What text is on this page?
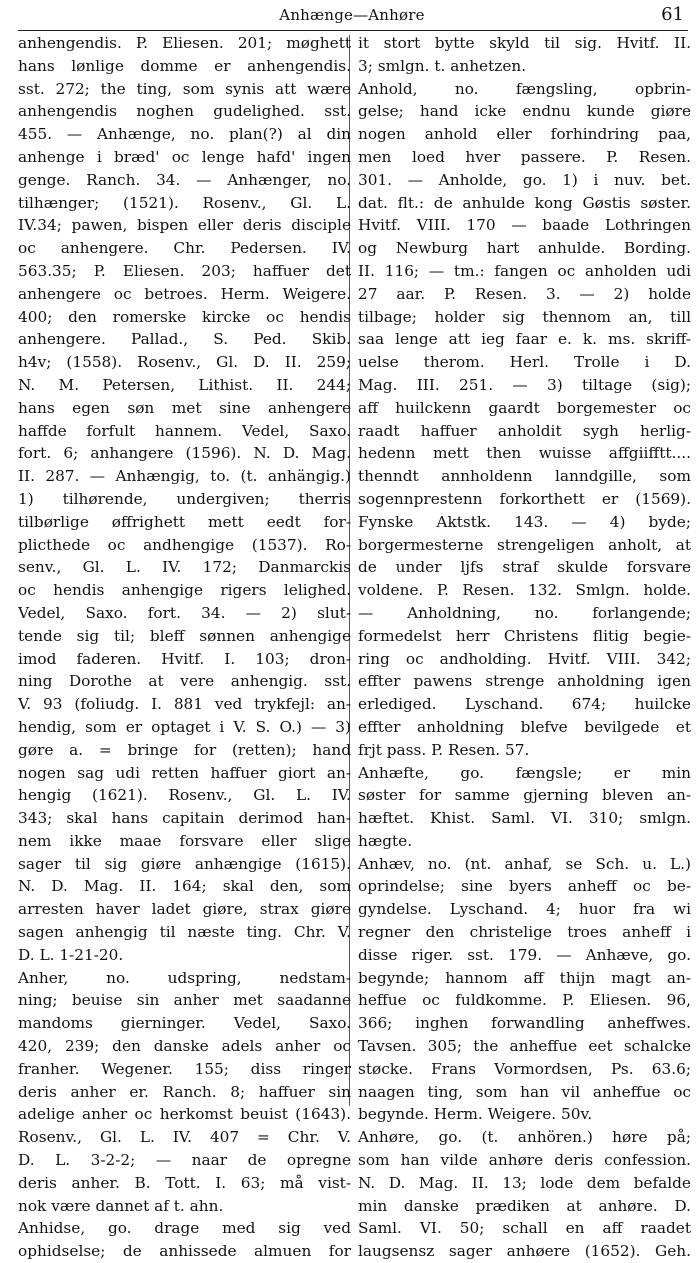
Anhænge—Anhøre	61
anhengendis. P. Eliesen. 201; møghett
hans lønlige domme er anhengendis.
sst. 272; the ting, som synis att wære
anhengendis noghen gudelighed. sst.
455. — Anhænge, no. plan(?) al din
anhenge i bræd' oc lenge hafd' ingen
genge. Ranch. 34. — Anhænger, no.
tilhænger; (1521). Rosenv., Gl. L.
IV.34; pawen, bispen eller deris disciple
oc anhengere. Chr. Pedersen. IV.
563.35; P. Eliesen. 203; haffuer det
anhengere oc betroes. Herm. Weigere.
400; den romerske kircke oc hendis
anhengere. Pallad., S. Ped. Skib.
h4v; (1558). Rosenv., Gl. D. II. 259;
N. M. Petersen, Lithist. II. 244;
hans egen søn met sine anhengere
haffde forfult hannem. Vedel, Saxo.
fort. 6; anhangere (1596). N. D. Mag.
II. 287. — Anhængig, to. (t. anhängig.)
1) tilhørende, undergiven; therris
tilbørlige øffrighett mett eedt for-
plicthede oc andhengige (1537). Ro-
senv., Gl. L. IV. 172; Danmarckis
oc hendis anhengige rigers lelighed.
Vedel, Saxo. fort. 34. — 2) slut-
tende sig til; bleff sønnen anhengige
imod faderen. Hvitf. I. 103; dron-
ning Dorothe at vere anhengig. sst.
V. 93 (foliudg. I. 881 ved trykfejl: an-
hendig, som er optaget i V. S. O.) — 3)
gøre a. = bringe for (retten); hand
nogen sag udi retten haffuer giort an-
hengig (1621). Rosenv., Gl. L. IV.
343; skal hans capitain derimod han-
nem ikke maae forsvare eller slige
sager til sig giøre anhængige (1615).
N. D. Mag. II. 164; skal den, som
arresten haver ladet giøre, strax giøre
sagen anhengig til næste ting. Chr. V.
D. L. 1-21-20.
Anher, no. udspring, nedstam-
ning; beuise sin anher met saadanne
mandoms gierninger. Vedel, Saxo.
420, 239; den danske adels anher oc
franher. Wegener. 155; diss ringer
deris anher er. Ranch. 8; haffuer sin
adelige anher oc herkomst beuist (1643).
Rosenv., Gl. L. IV. 407 = Chr. V.
D. L. 3-2-2; — naar de opregne
deris anher. B. Tott. I. 63; må vist-
nok være dannet af t. ahn.
Anhidse, go. drage med sig ved
ophidselse; de anhissede almuen for
it stort bytte skyld til sig. Hvitf. II.
3; smlgn. t. anhetzen.
Anhold, no. fængsling, opbrin-
gelse; hand icke endnu kunde giøre
nogen anhold eller forhindring paa,
men loed hver passere. P. Resen.
301. — Anholde, go. 1) i nuv. bet.
dat. flt.: de anhulde kong Gøstis søster.
Hvitf. VIII. 170 — baade Lothringen
og Newburg hart anhulde. Bording.
II. 116; — tm.: fangen oc anholden udi
27 aar. P. Resen. 3. — 2) holde
tilbage; holder sig thennom an, till
saa lenge att ieg faar e. k. ms. skriff-
uelse therom. Herl. Trolle i D.
Mag. III. 251. — 3) tiltage (sig);
aff huilckenn gaardt borgemester oc
raadt haffuer anholdit sygh herlig-
hedenn mett then wuisse affgiifftt....
thenndt annholdenn lanndgille, som
sogennprestenn forkorthett er (1569).
Fynske Aktstk. 143. — 4) byde;
borgermesterne strengeligen anholt, at
de under ljfs straf skulde forsvare
voldene. P. Resen. 132. Smlgn. holde.
— Anholdning, no. forlangende;
formedelst herr Christens flitig begie-
ring oc andholding. Hvitf. VIII. 342;
effter pawens strenge anholdning igen
erlediged. Lyschand. 674; huilcke
effter anholdning blefve bevilgede et
frjt pass. P. Resen. 57.
Anhæfte, go. fængsle; er min
søster for samme gjerning bleven an-
hæftet. Khist. Saml. VI. 310; smlgn.
hægte.
Anhæv, no. (nt. anhaf, se Sch. u. L.)
oprindelse; sine byers anheff oc be-
gyndelse. Lyschand. 4; huor fra wi
regner den christelige troes anheff i
disse riger. sst. 179. — Anhæve, go.
begynde; hannom aff thijn magt an-
heffue oc fuldkomme. P. Eliesen. 96,
366; inghen forwandling anheffwes.
Tavsen. 305; the anheffue eet schalcke
støcke. Frans Vormordsen, Ps. 63.6;
naagen ting, som han vil anheffue oc
begynde. Herm. Weigere. 50v.
Anhøre, go. (t. anhören.) høre på;
som han vilde anhøre deris confession.
N. D. Mag. II. 13; lode dem befalde
min danske prædiken at anhøre. D.
Saml. VI. 50; schall en aff raadet
laugsensz sager anhøere (1652). Geh.
